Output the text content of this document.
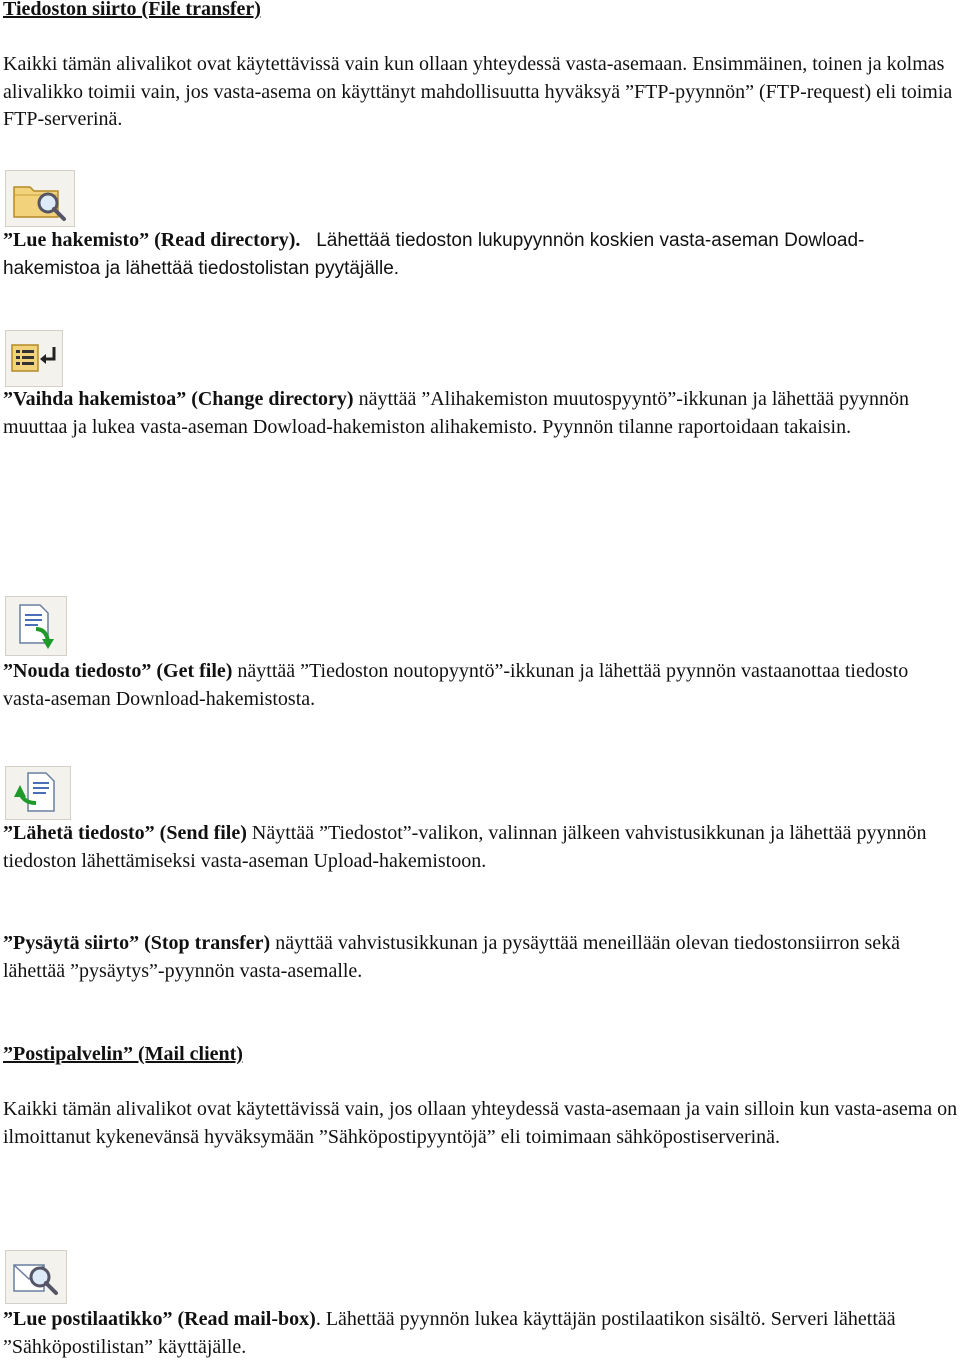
Tiedoston siirto (File transfer)

Kaikki tämän alivalikot ovat käytettävissä vain kun ollaan yhteydessä vasta-asemaan. Ensimmäinen, toinen ja kolmas alivalikko toimii vain, jos vasta-asema on käyttänyt mahdollisuutta hyväksyä ”FTP-pyynnön” (FTP-request) eli toimia FTP-serverinä.

”Lue hakemisto” (Read directory).   Lähettää tiedoston lukupyynnön koskien vasta-aseman Dowload-hakemistoa ja lähettää tiedostolistan pyytäjälle.

”Vaihda hakemistoa” (Change directory) näyttää ”Alihakemiston muutospyyntö”-ikkunan ja lähettää pyynnön muuttaa ja lukea vasta-aseman Dowload-hakemiston alihakemisto. Pyynnön tilanne raportoidaan takaisin.

”Nouda tiedosto” (Get file) näyttää ”Tiedoston noutopyyntö”-ikkunan ja lähettää pyynnön vastaanottaa tiedosto vasta-aseman Download-hakemistosta.

”Lähetä tiedosto” (Send file) Näyttää ”Tiedostot”-valikon, valinnan jälkeen vahvistusikkunan ja lähettää pyynnön tiedoston lähettämiseksi vasta-aseman Upload-hakemistoon.

”Pysäytä siirto” (Stop transfer) näyttää vahvistusikkunan ja pysäyttää meneillään olevan tiedostonsiirron sekä lähettää ”pysäytys”-pyynnön vasta-asemalle.

”Postipalvelin” (Mail client)

Kaikki tämän alivalikot ovat käytettävissä vain, jos ollaan yhteydessä vasta-asemaan ja vain silloin kun vasta-asema on ilmoittanut kykenevänsä hyväksymään ”Sähköpostipyyntöjä” eli toimimaan sähköpostiserverinä.

”Lue postilaatikko” (Read mail-box). Lähettää pyynnön lukea käyttäjän postilaatikon sisältö. Serveri lähettää ”Sähköpostilistan” käyttäjälle.
